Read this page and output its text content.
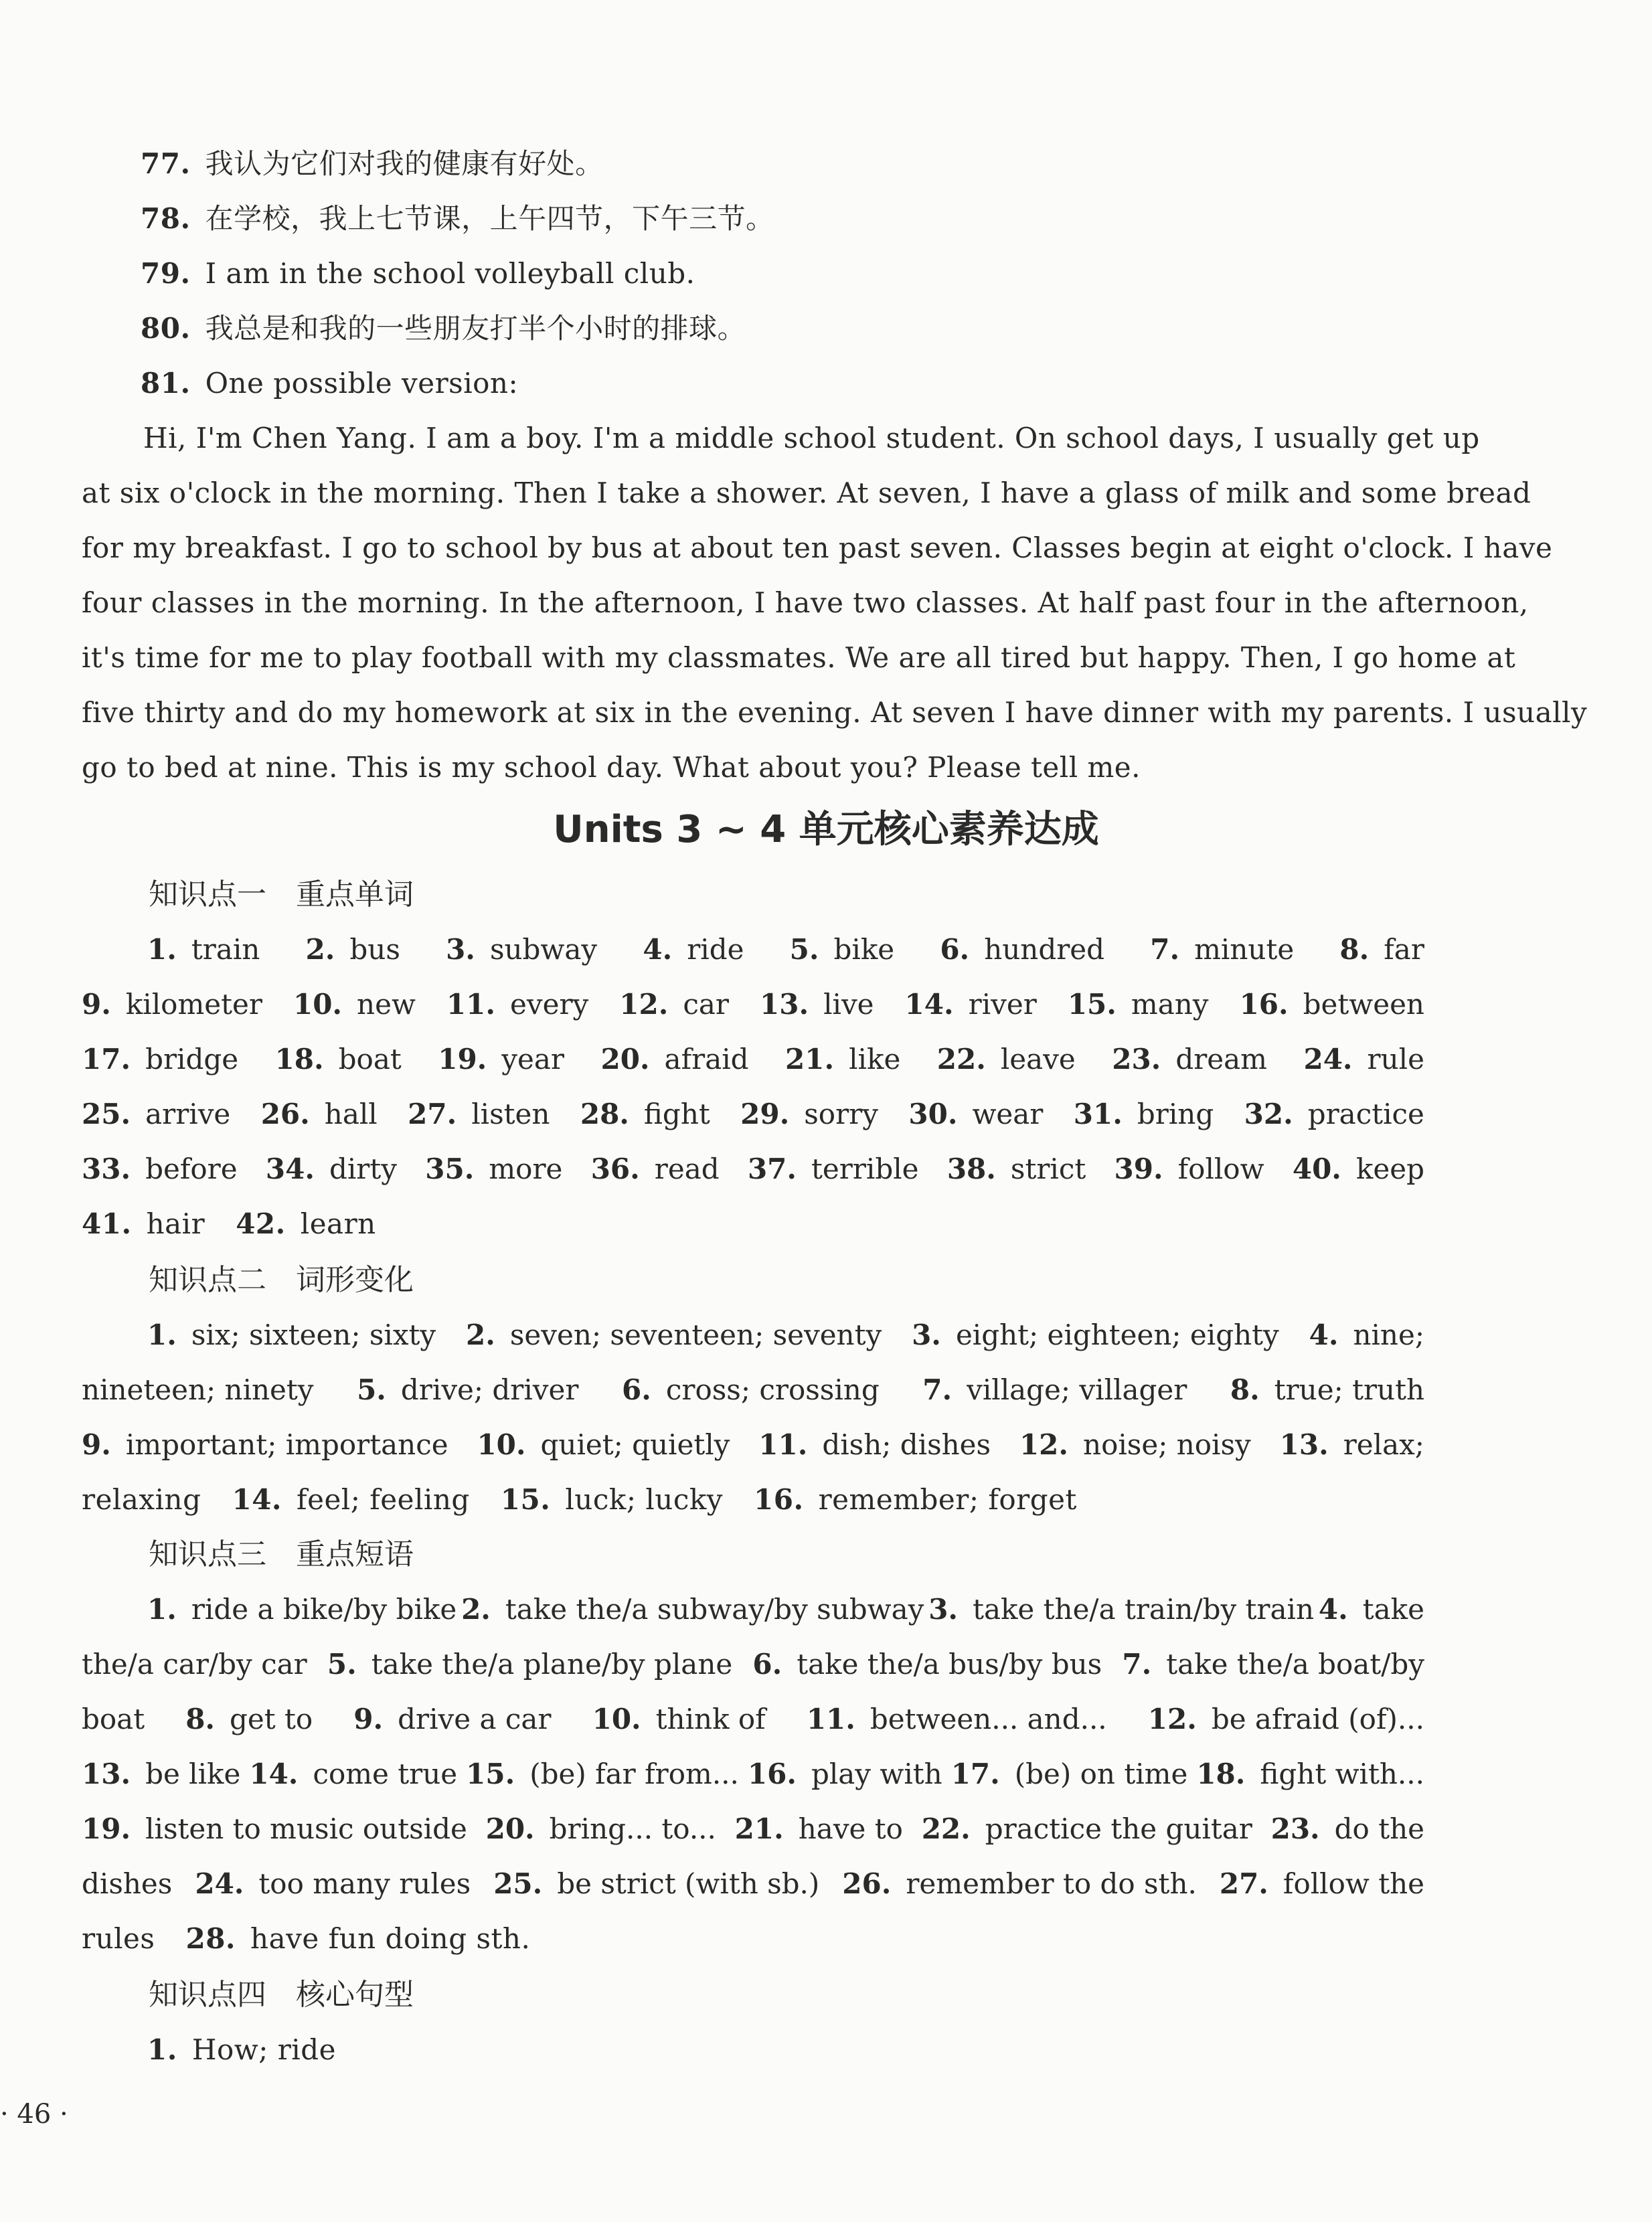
77. 我认为它们对我的健康有好处。
78. 在学校，我上七节课，上午四节，下午三节。
79. I am in the school volleyball club.
80. 我总是和我的一些朋友打半个小时的排球。
81. One possible version:
Hi, I'm Chen Yang. I am a boy. I'm a middle school student. On school days, I usually get up
at six o'clock in the morning. Then I take a shower. At seven, I have a glass of milk and some bread
for my breakfast. I go to school by bus at about ten past seven. Classes begin at eight o'clock. I have
four classes in the morning. In the afternoon, I have two classes. At half past four in the afternoon,
it's time for me to play football with my classmates. We are all tired but happy. Then, I go home at
five thirty and do my homework at six in the evening. At seven I have dinner with my parents. I usually
go to bed at nine. This is my school day. What about you? Please tell me.
Units 3 ~ 4 单元核心素养达成
知识点一 重点单词
1. train 2. bus 3. subway 4. ride 5. bike 6. hundred 7. minute 8. far
9. kilometer 10. new 11. every 12. car 13. live 14. river 15. many 16. between
17. bridge 18. boat 19. year 20. afraid 21. like 22. leave 23. dream 24. rule
25. arrive 26. hall 27. listen 28. fight 29. sorry 30. wear 31. bring 32. practice
33. before 34. dirty 35. more 36. read 37. terrible 38. strict 39. follow 40. keep
41. hair 42. learn
知识点二 词形变化
1. six; sixteen; sixty 2. seven; seventeen; seventy 3. eight; eighteen; eighty 4. nine;
nineteen; ninety 5. drive; driver 6. cross; crossing 7. village; villager 8. true; truth
9. important; importance 10. quiet; quietly 11. dish; dishes 12. noise; noisy 13. relax;
relaxing 14. feel; feeling 15. luck; lucky 16. remember; forget
知识点三 重点短语
1. ride a bike/by bike 2. take the/a subway/by subway 3. take the/a train/by train 4. take
the/a car/by car 5. take the/a plane/by plane 6. take the/a bus/by bus 7. take the/a boat/by
boat 8. get to 9. drive a car 10. think of 11. between... and... 12. be afraid (of)...
13. be like 14. come true 15. (be) far from... 16. play with 17. (be) on time 18. fight with...
19. listen to music outside 20. bring... to... 21. have to 22. practice the guitar 23. do the
dishes 24. too many rules 25. be strict (with sb.) 26. remember to do sth. 27. follow the
rules 28. have fun doing sth.
知识点四 核心句型
1. How; ride
· 46 ·
